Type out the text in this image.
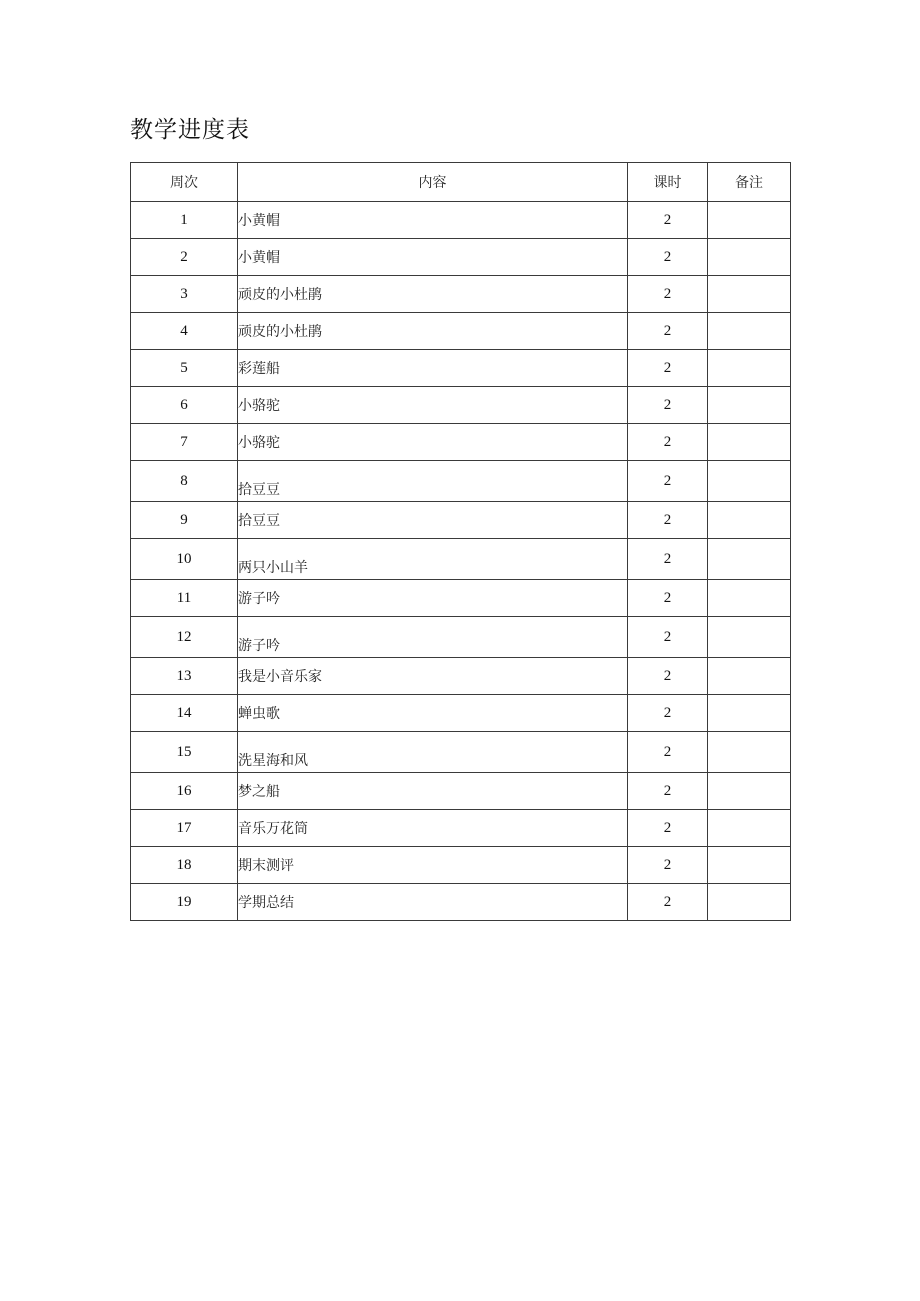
教学进度表
周次	内容	课时	备注
1	小黄帽	2	
2	小黄帽	2	
3	顽皮的小杜鹃	2	
4	顽皮的小杜鹃	2	
5	彩莲船	2	
6	小骆驼	2	
7	小骆驼	2	
8	拾豆豆	2	
9	拾豆豆	2	
10	两只小山羊	2	
11	游子吟	2	
12	游子吟	2	
13	我是小音乐家	2	
14	蝉虫歌	2	
15	洗星海和风	2	
16	梦之船	2	
17	音乐万花筒	2	
18	期末测评	2	
19	学期总结	2	
